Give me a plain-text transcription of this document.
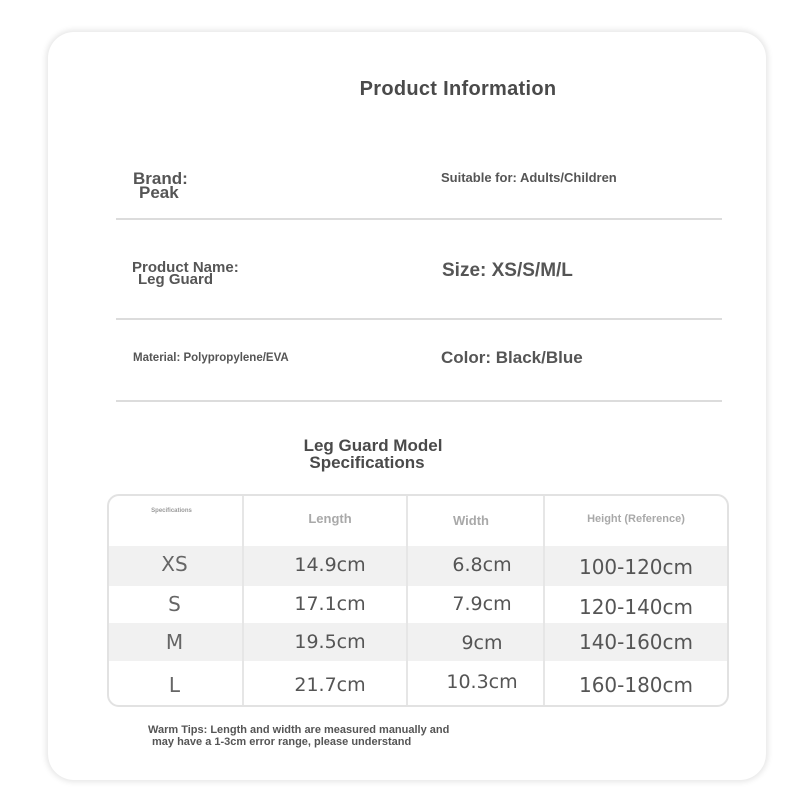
Product Information
Brand:
Peak
Suitable for: Adults/Children
Product Name:
Leg Guard	Size: XS/S/M/L
Material: Polypropylene/EVA	Color: Black/Blue
Leg Guard Model
Specifications
Specifications	Length	Width	Height (Reference)
XS	14.9cm	6.8cm	100-120cm
S	17.1cm	7.9cm	120-140cm
M	19.5cm	9cm	140-160cm
L	21.7cm	10.3cm	160-180cm
Warm Tips: Length and width are measured manually and
may have a 1-3cm error range, please understand
